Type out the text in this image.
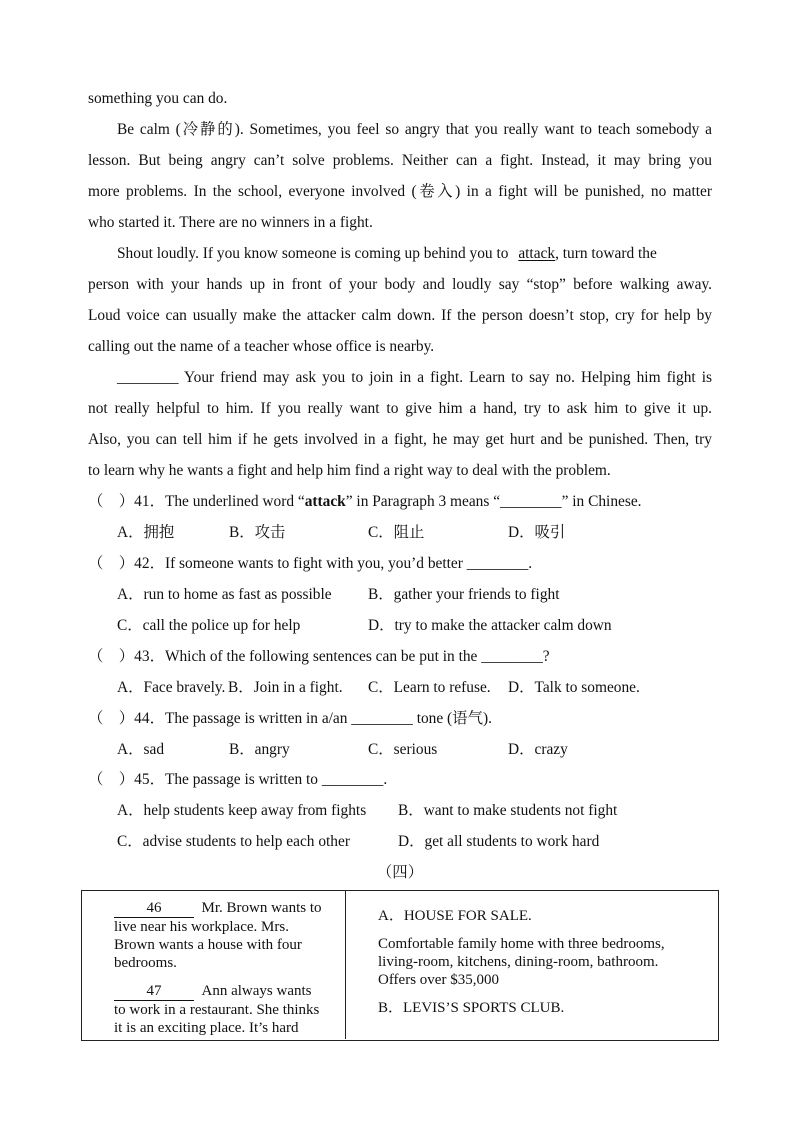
something you can do.
Be calm (冷静的). Sometimes, you feel so angry that you really want to teach somebody a
lesson. But being angry can’t solve problems. Neither can a fight. Instead, it may bring you
more problems. In the school, everyone involved (卷入) in a fight will be punished, no matter
who started it. There are no winners in a fight.
Shout loudly. If you know someone is coming up behind you to attack, turn toward the
person with your hands up in front of your body and loudly say “stop” before walking away.
Loud voice can usually make the attacker calm down. If the person doesn’t stop, cry for help by
calling out the name of a teacher whose office is nearby.
________ Your friend may ask you to join in a fight. Learn to say no. Helping him fight is
not really helpful to him. If you really want to give him a hand, try to ask him to give it up.
Also, you can tell him if he gets involved in a fight, he may get hurt and be punished. Then, try
to learn why he wants a fight and help him find a right way to deal with the problem.
（　）41．The underlined word “attack” in Paragraph 3 means “________” in Chinese.
A．拥抱	B．攻击	C．阻止	D．吸引
（　）42．If someone wants to fight with you, you’d better ________.
A．run to home as fast as possible B．gather your friends to fight
C．call the police up for help	D．try to make the attacker calm down
（　）43．Which of the following sentences can be put in the ________?
A．Face bravely. B．Join in a fight. C．Learn to refuse. D．Talk to someone.
（　）44．The passage is written in a/an ________ tone (语气).
A．sad	B．angry	C．serious	D．crazy
（　）45．The passage is written to ________.
A．help students keep away from fights B．want to make students not fight
C．advise students to help each other	D．get all students to work hard
（四）
46	Mr. Brown wants to
live near his workplace. Mrs.
Brown wants a house with four
bedrooms.
47	Ann always wants
to work in a restaurant. She thinks
it is an exciting place. It’s hard
A．HOUSE FOR SALE.
Comfortable family home with three bedrooms,
living-room, kitchens, dining-room, bathroom.
Offers over $35,000
B．LEVIS’S SPORTS CLUB.
